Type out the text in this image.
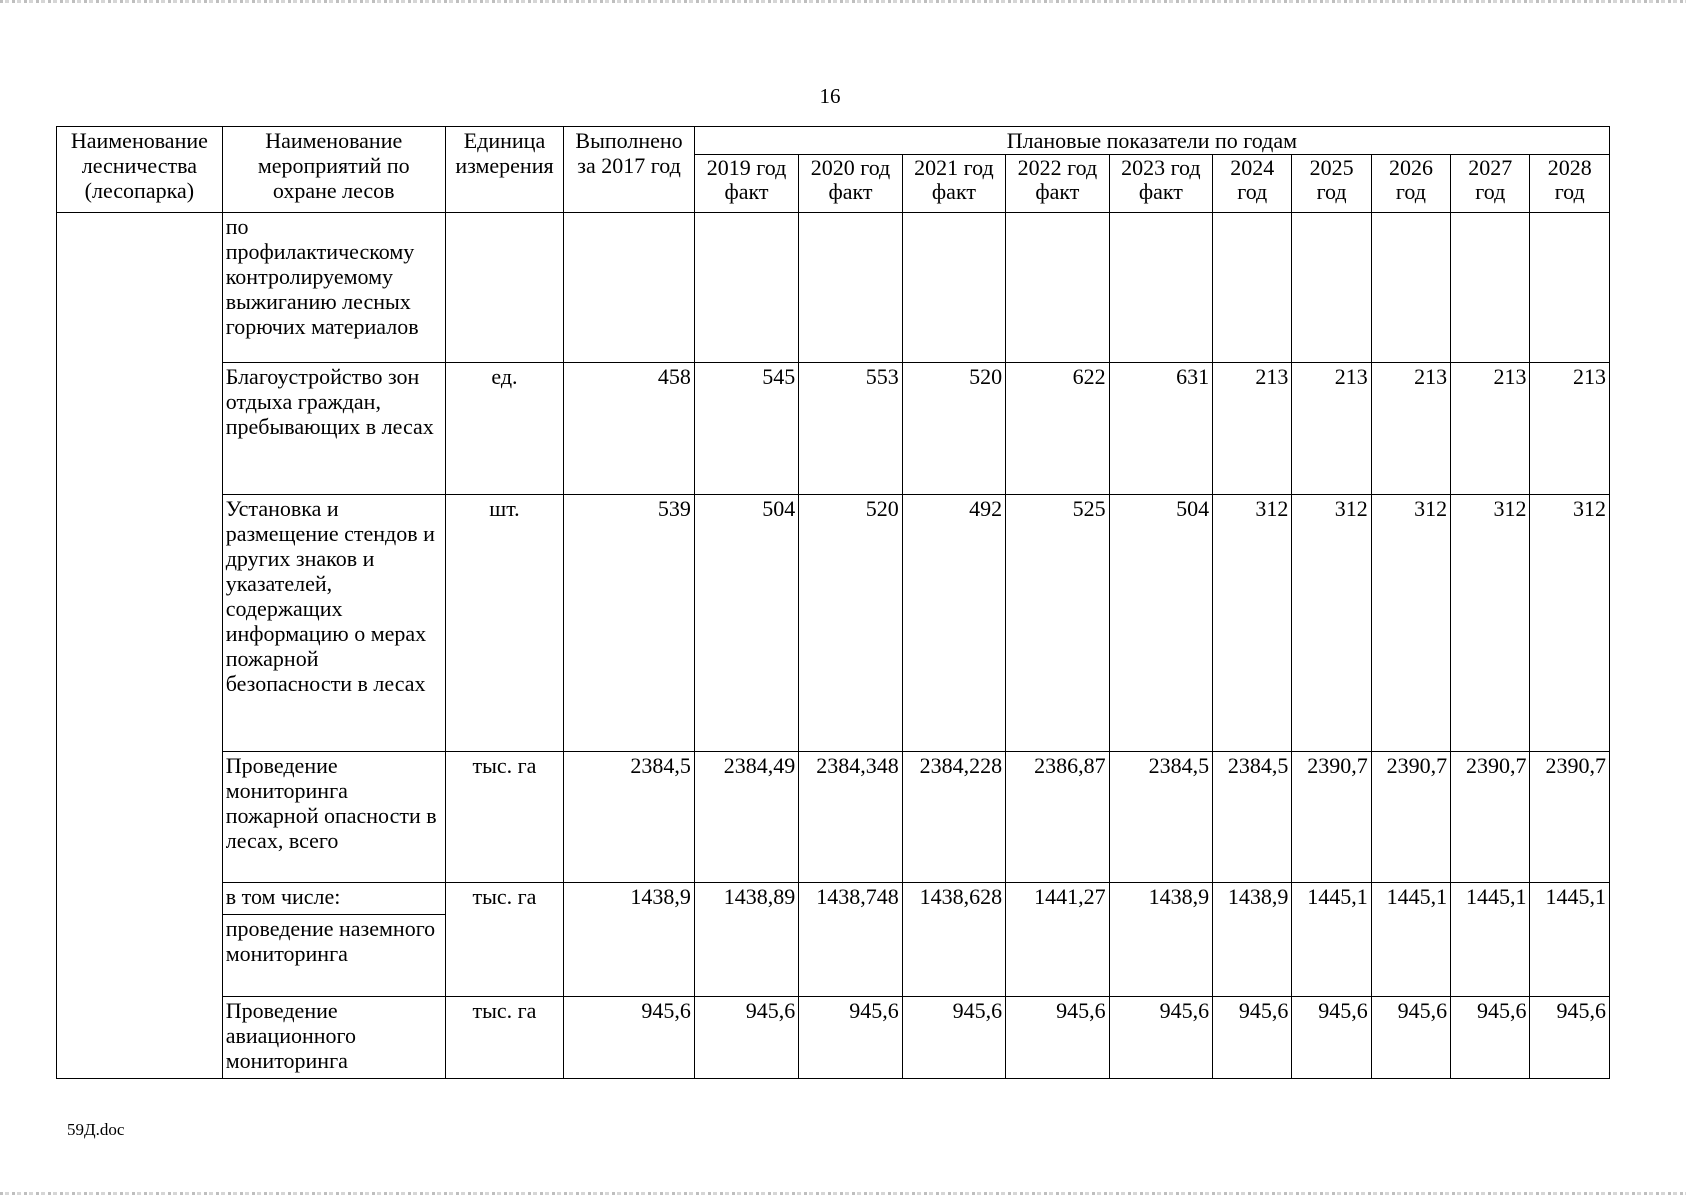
16
Наименование лесничества (лесопарка)	Наименование мероприятий по охране лесов	Единица измерения	Выполнено за 2017 год	Плановые показатели по годам									
				2019 год факт	2020 год факт	2021 год факт	2022 год факт	2023 год факт	2024 год	2025 год	2026 год	2027 год	2028 год
	по профилактическому контролируемому выжиганию лесных горючих материалов												
	Благоустройство зон отдыха граждан, пребывающих в лесах	ед.	458	545	553	520	622	631	213	213	213	213	213
	Установка и размещение стендов и других знаков и указателей, содержащих информацию о мерах пожарной безопасности в лесах	шт.	539	504	520	492	525	504	312	312	312	312	312
	Проведение мониторинга пожарной опасности в лесах, всего	тыс. га	2384,5	2384,49	2384,348	2384,228	2386,87	2384,5	2384,5	2390,7	2390,7	2390,7	2390,7
	в том числе:	тыс. га	1438,9	1438,89	1438,748	1438,628	1441,27	1438,9	1438,9	1445,1	1445,1	1445,1	1445,1
	проведение наземного мониторинга												
	Проведение авиационного мониторинга	тыс. га	945,6	945,6	945,6	945,6	945,6	945,6	945,6	945,6	945,6	945,6	945,6
59Д.doc
